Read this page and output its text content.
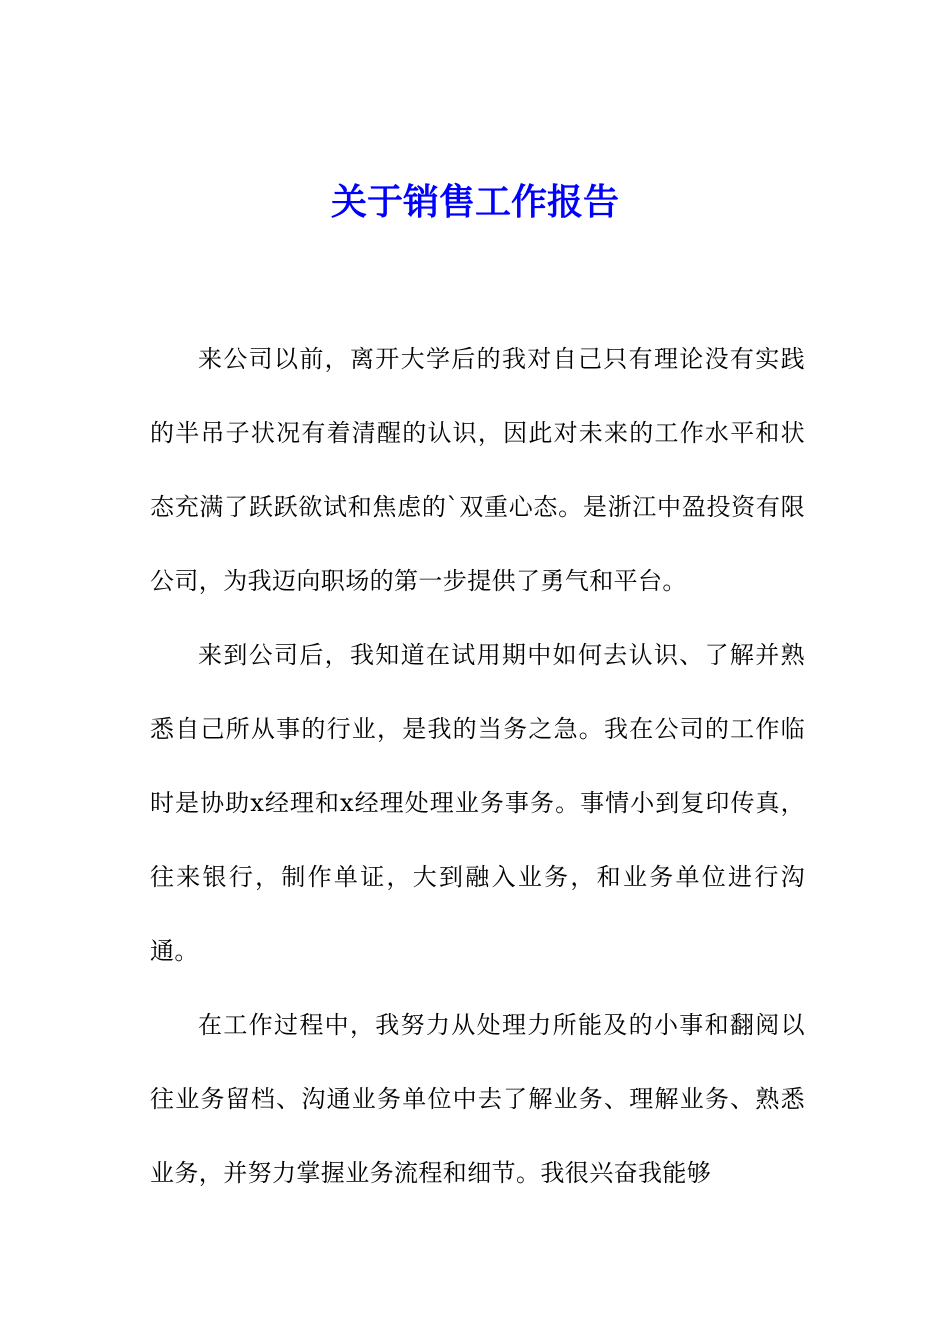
关于销售工作报告

来公司以前，离开大学后的我对自己只有理论没有实践的半吊子状况有着清醒的认识，因此对未来的工作水平和状态充满了跃跃欲试和焦虑的`双重心态。是浙江中盈投资有限公司，为我迈向职场的第一步提供了勇气和平台。

来到公司后，我知道在试用期中如何去认识、了解并熟悉自己所从事的行业，是我的当务之急。我在公司的工作临时是协助x经理和x经理处理业务事务。事情小到复印传真，往来银行，制作单证，大到融入业务，和业务单位进行沟通。

在工作过程中，我努力从处理力所能及的小事和翻阅以往业务留档、沟通业务单位中去了解业务、理解业务、熟悉业务，并努力掌握业务流程和细节。我很兴奋我能够
